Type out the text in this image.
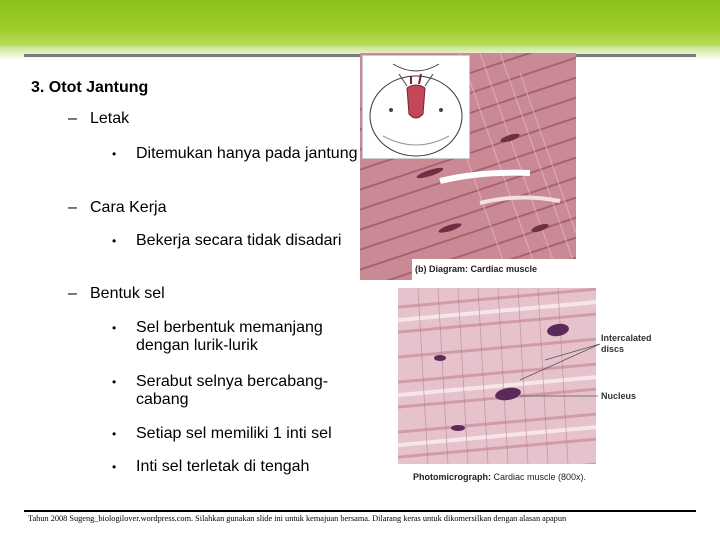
3. Otot Jantung
– Letak
• Ditemukan hanya pada jantung
– Cara Kerja
• Bekerja secara tidak disadari
– Bentuk sel
• Sel berbentuk memanjang dengan lurik-lurik
• Serabut selnya bercabang-cabang
• Setiap sel memiliki 1 inti sel
• Inti sel terletak di tengah
(b) Diagram: Cardiac muscle
Intercalated discs
Nucleus
Photomicrograph: Cardiac muscle (800x).
Tahun 2008 Sugeng_biologilover.wordpress.com. Silahkan gunakan slide ini untuk kemajuan bersama. Dilarang keras untuk dikomersilkan dengan alasan apapun
